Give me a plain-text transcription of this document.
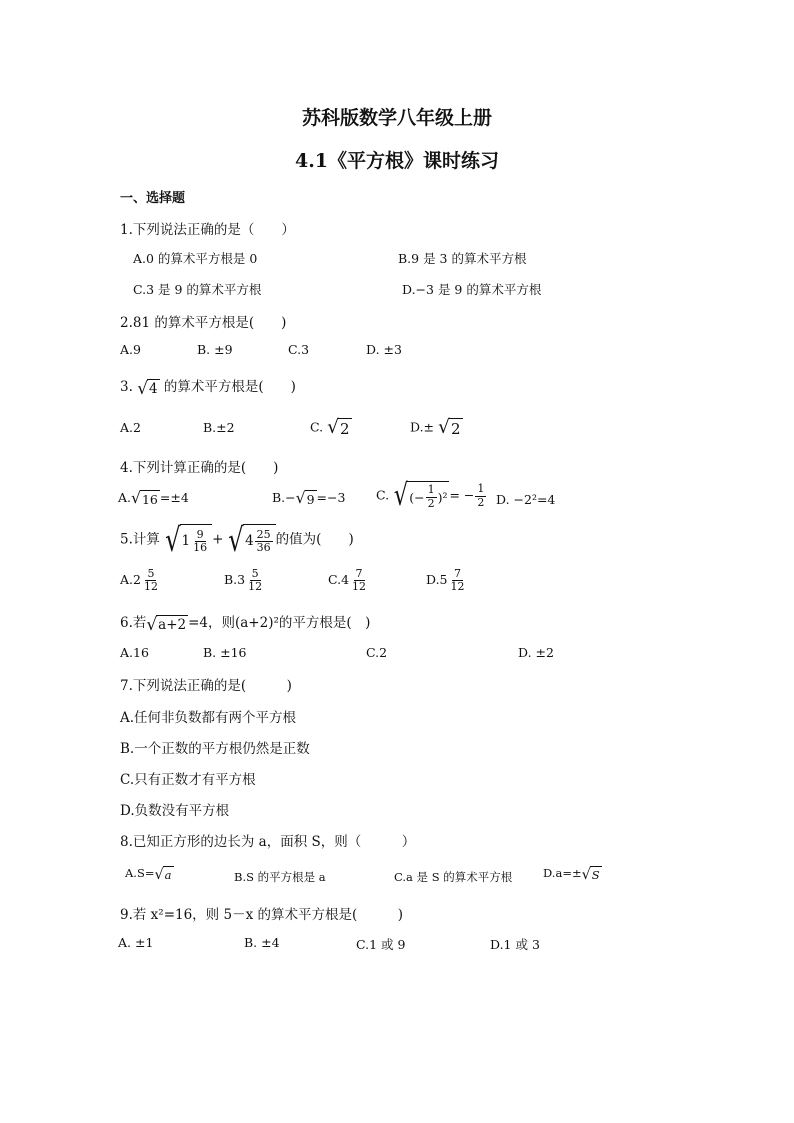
苏科版数学八年级上册
4.1《平方根》课时练习
一、选择题
1.下列说法正确的是（　　）
A.0 的算术平方根是 0	B.9 是 3 的算术平方根
C.3 是 9 的算术平方根	D.−3 是 9 的算术平方根
2.81 的算术平方根是(　　)
A.9	B. ±9	C.3	D. ±3
3. √ 4 的算术平方根是(　　)
A.2	B.±2	C. √ 2	D.± √ 2
4.下列计算正确的是(　　)
A. √ 16 =±4	B.− √ 9 =−3 C. √ (− $\frac{1}{2} )^2$ = − $\frac{1}{2} D$. −2²=4
5.计算 √ $1 \frac{9}{16}$ + √ $4 \frac{25}{36}$ 的值为(　　)
$A.2 \frac{5}{12}$	$B.3 \frac{5}{12}$	$C.4 \frac{7}{12}$	$D.5 \frac{7}{12}$
6.若 √ a+2 =4，则(a+2)²的平方根是(　)
A.16	B. ±16	C.2	D. ±2
7.下列说法正确的是(　　　)
A.任何非负数都有两个平方根
B.一个正数的平方根仍然是正数
C.只有正数才有平方根
D.负数没有平方根
8.已知正方形的边长为 a，面积 S，则（　　　）
A.S= √ a	B.S 的平方根是 a	C.a 是 S 的算术平方根	D.a=± √ S
9.若 x²=16，则 5－x 的算术平方根是(　　　)
A. ±1	B. ±4	C.1 或 9	D.1 或 3
